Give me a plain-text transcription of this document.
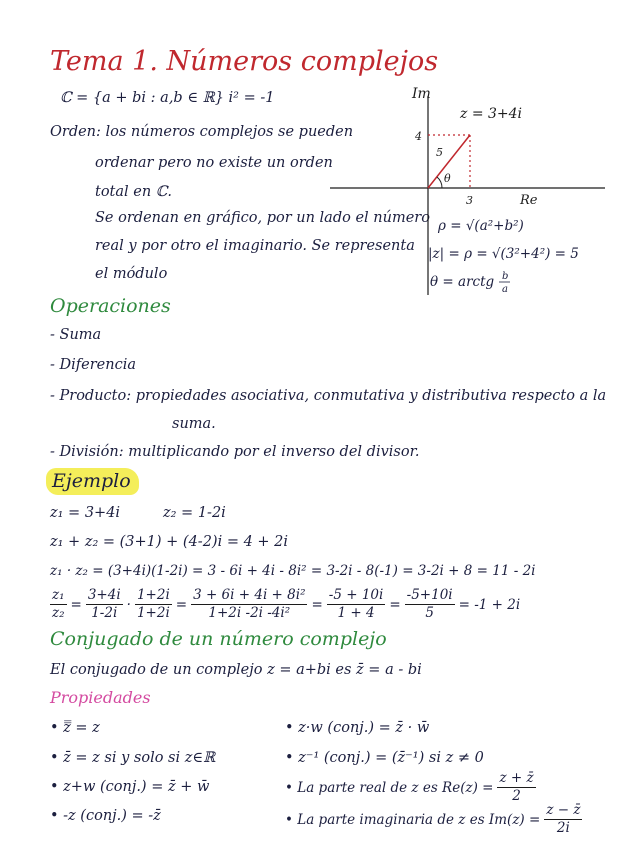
Tema 1. Números complejos
ℂ = {a + bi : a,b ∈ ℝ} i² = -1
Orden: los números complejos se pueden
ordenar pero no existe un orden
total en ℂ.
Se ordenan en gráfico, por un lado el número
real y por otro el imaginario. Se representa
el módulo
Im
Re
θ
5
4
3
z = 3+4i
ρ = √(a²+b²)
|z| = ρ = √(3²+4²) = 5
θ = arctg b
a
Operaciones
- Suma
- Diferencia
- Producto: propiedades asociativa, conmutativa y distributiva respecto a la
suma.
- División: multiplicando por el inverso del divisor.
Ejemplo
z₁ = 3+4i	z₂ = 1-2i
z₁ + z₂ = (3+1) + (4-2)i = 4 + 2i
z₁ · z₂ = (3+4i)(1-2i) = 3 - 6i + 4i - 8i² = 3-2i - 8(-1) = 3-2i + 8 = 11 - 2i
$\frac{\text{z₁}}{\text{z₂}} = \frac{3+4i}{1-2i} \cdot \frac{1+2i}{1+2i} = \frac{\text{3 + 6i + 4i + 8i²}}{\text{1+2i -2i -4i²}} = \frac{-5 + 10i}{1 + 4} = \frac{-5+10i}{5} = -1 + 2i$
Conjugado de un número complejo
El conjugado de un complejo z = a+bi es z̄ = a - bi
Propiedades
• z̿ = z
• z̄ = z si y solo si z∈ℝ
• z+w (conj.) = z̄ + w̄
• -z (conj.) = -z̄
• z·w (conj.) = z̄ · w̄
• z⁻¹ (conj.) = (z̄⁻¹) si z ≠ 0
• La parte real de z es $Re(z) = \frac{z + z̄}{2}$
• La parte imaginaria de z es $Im(z) = \frac{z - z̄}{2i}$
